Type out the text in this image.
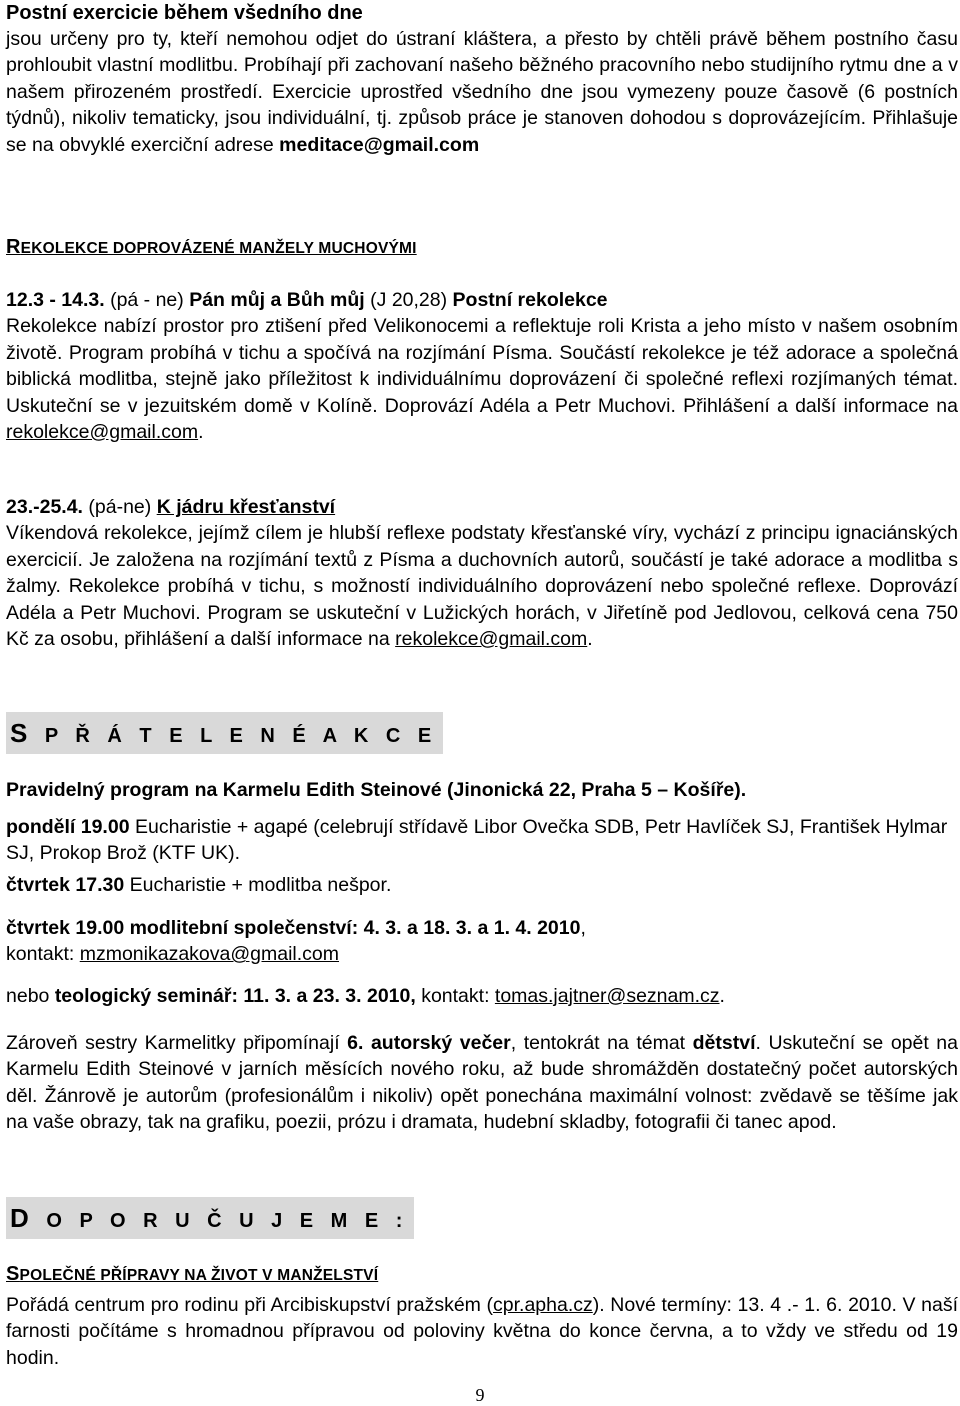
Postní exercicie během všedního dne

jsou určeny pro ty, kteří nemohou odjet do ústraní kláštera, a přesto by chtěli právě během postního času prohloubit vlastní modlitbu. Probíhají při zachovaní našeho běžného pracovního nebo studijního rytmu dne a v našem přirozeném prostředí. Exercicie uprostřed všedního dne jsou vymezeny pouze časově (6 postních týdnů), nikoliv tematicky, jsou individuální, tj. způsob práce je stanoven dohodou s doprovázejícím. Přihlašuje se na obvyklé exerciční adrese meditace@gmail.com

REKOLEKCE DOPROVÁZENÉ MANŽELY MUCHOVÝMI

12.3 - 14.3. (pá - ne) Pán můj a Bůh můj (J 20,28) Postní rekolekce

Rekolekce nabízí prostor pro ztišení před Velikonocemi a reflektuje roli Krista a jeho místo v našem osobním životě. Program probíhá v tichu a spočívá na rozjímání Písma. Součástí rekolekce je též adorace a společná biblická modlitba, stejně jako příležitost k individuálnímu doprovázení či společné reflexi rozjímaných témat. Uskuteční se v jezuitském domě v Kolíně. Doprovází Adéla a Petr Muchovi. Přihlášení a další informace na rekolekce@gmail.com.

23.-25.4. (pá-ne) K jádru křesťanství

Víkendová rekolekce, jejímž cílem je hlubší reflexe podstaty křesťanské víry, vychází z principu ignaciánských exercicií. Je založena na rozjímání textů z Písma a duchovních autorů, součástí je také adorace a modlitba s žalmy. Rekolekce probíhá v tichu, s možností individuálního doprovázení nebo společné reflexe. Doprovází Adéla a Petr Muchovi. Program se uskuteční v Lužických horách, v Jiřetíně pod Jedlovou, celková cena 750 Kč za osobu, přihlášení a další informace na rekolekce@gmail.com.

S P Ř Á T E L E N É A K C E

Pravidelný program na Karmelu Edith Steinové (Jinonická 22, Praha 5 – Košíře).

pondělí 19.00 Eucharistie + agapé (celebrují střídavě Libor Ovečka SDB, Petr Havlíček SJ, František Hylmar SJ, Prokop Brož (KTF UK).

čtvrtek 17.30 Eucharistie + modlitba nešpor.

čtvrtek 19.00 modlitební společenství: 4. 3. a 18. 3. a 1. 4. 2010,

kontakt: mzmonikazakova@gmail.com

nebo teologický seminář: 11. 3. a 23. 3. 2010, kontakt: tomas.jajtner@seznam.cz.

Zároveň sestry Karmelitky připomínají 6. autorský večer, tentokrát na témat dětství. Uskuteční se opět na Karmelu Edith Steinové v jarních měsících nového roku, až bude shromážděn dostatečný počet autorských děl. Žánrově je autorům (profesionálům i nikoliv) opět ponechána maximální volnost: zvědavě se těšíme jak na vaše obrazy, tak na grafiku, poezii, prózu i dramata, hudební skladby, fotografii či tanec apod.

D O P O R U Č U J E M E :

SPOLEČNÉ PŘÍPRAVY NA ŽIVOT V MANŽELSTVÍ

Pořádá centrum pro rodinu při Arcibiskupství pražském (cpr.apha.cz). Nové termíny: 13. 4 .- 1. 6. 2010. V naší farnosti počítáme s hromadnou přípravou od poloviny května do konce června, a to vždy ve středu od 19 hodin.

9
